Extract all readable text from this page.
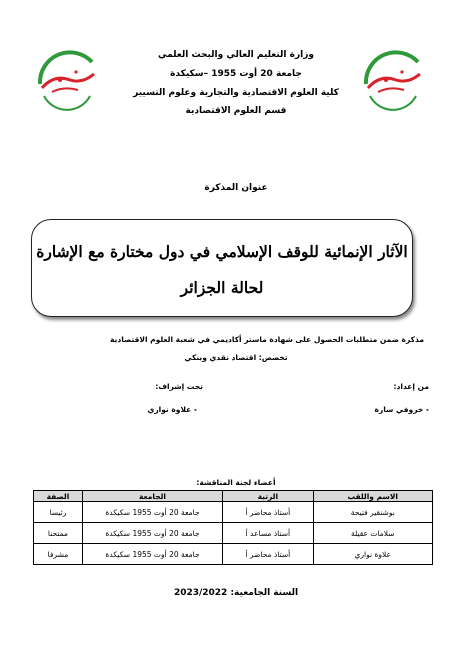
وزارة التعليم العالي والبحث العلمي
جامعة 20 أوت 1955 –سكيكدة
كلية العلوم الاقتصادية والتجارية وعلوم التسيير
قسم العلوم الاقتصادية
عنوان المذكرة
الآثار الإنمائية للوقف الإسلامي في دول مختارة مع الإشارة
لحالة الجزائر
مذكرة ضمن متطلبات الحصول على شهادة ماستر أكاديمي في شعبة العلوم الاقتصادية
تخصص: اقتصاد نقدي وبنكي
من إعداد:
- خروفي سارة
تحت إشراف:
- علاوة نواري
أعضاء لجنة المناقشة:
الاسم واللقب	الرتبة	الجامعة	الصفة
بوشنقير فتيحة	أستاذ محاضر أ	جامعة 20 أوت 1955 سكيكدة	رئيسا
سلامات عقيلة	أستاذ مساعد أ	جامعة 20 أوت 1955 سكيكدة	ممتحنا
علاوة نواري	أستاذ محاضر أ	جامعة 20 أوت 1955 سكيكدة	مشرفا
السنة الجامعية: 2023/2022
